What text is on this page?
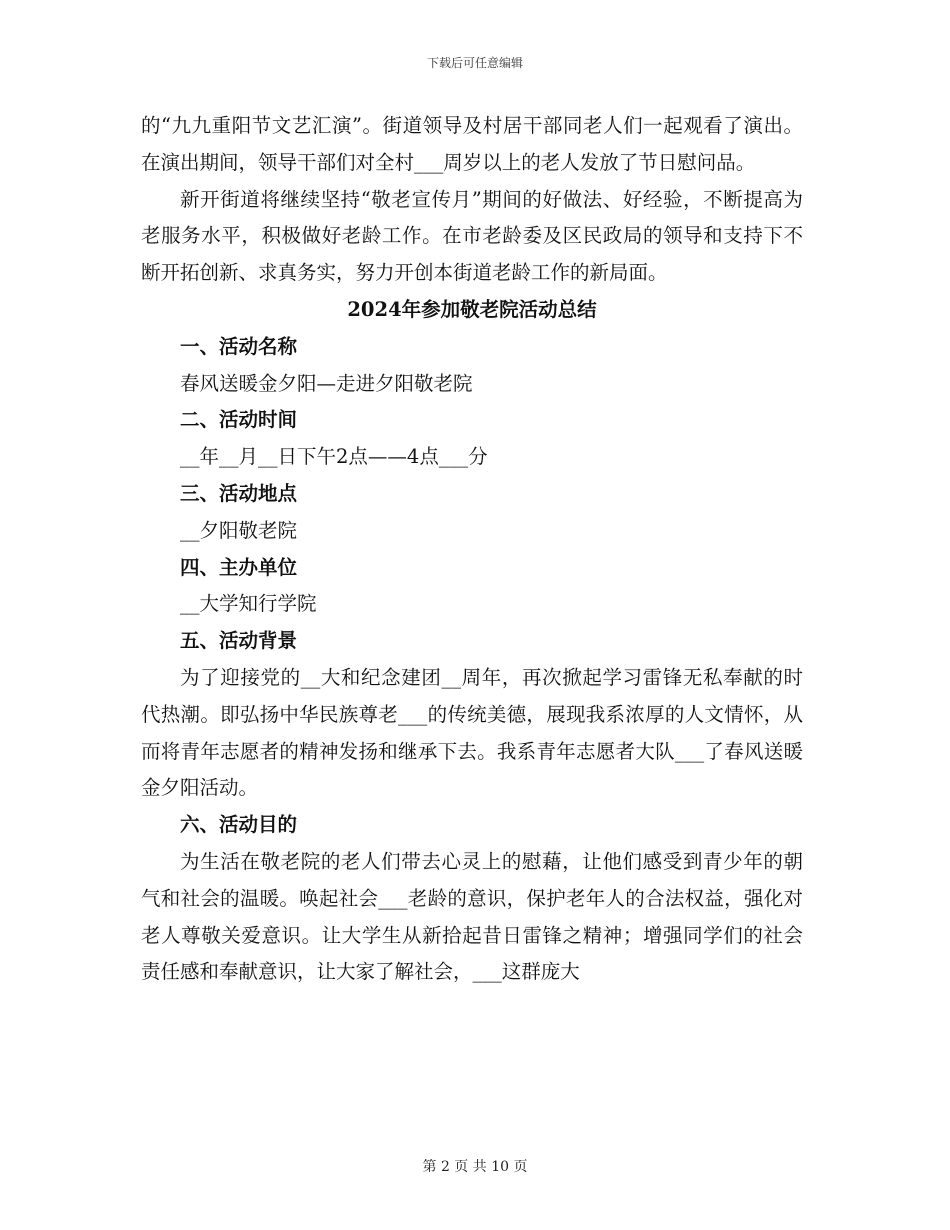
下载后可任意编辑

的“九九重阳节文艺汇演”。街道领导及村居干部同老人们一起观看了演出。在演出期间，领导干部们对全村___周岁以上的老人发放了节日慰问品。

新开街道将继续坚持“敬老宣传月”期间的好做法、好经验，不断提高为老服务水平，积极做好老龄工作。在市老龄委及区民政局的领导和支持下不断开拓创新、求真务实，努力开创本街道老龄工作的新局面。

2024年参加敬老院活动总结

一、活动名称

春风送暖金夕阳—走进夕阳敬老院

二、活动时间

__年__月__日下午2点——4点___分

三、活动地点

__夕阳敬老院

四、主办单位

__大学知行学院

五、活动背景

为了迎接党的__大和纪念建团__周年，再次掀起学习雷锋无私奉献的时代热潮。即弘扬中华民族尊老___的传统美德，展现我系浓厚的人文情怀，从而将青年志愿者的精神发扬和继承下去。我系青年志愿者大队___了春风送暖金夕阳活动。

六、活动目的

为生活在敬老院的老人们带去心灵上的慰藉，让他们感受到青少年的朝气和社会的温暖。唤起社会___老龄的意识，保护老年人的合法权益，强化对老人尊敬关爱意识。让大学生从新拾起昔日雷锋之精神；增强同学们的社会责任感和奉献意识，让大家了解社会，___这群庞大

第 2 页 共 10 页
